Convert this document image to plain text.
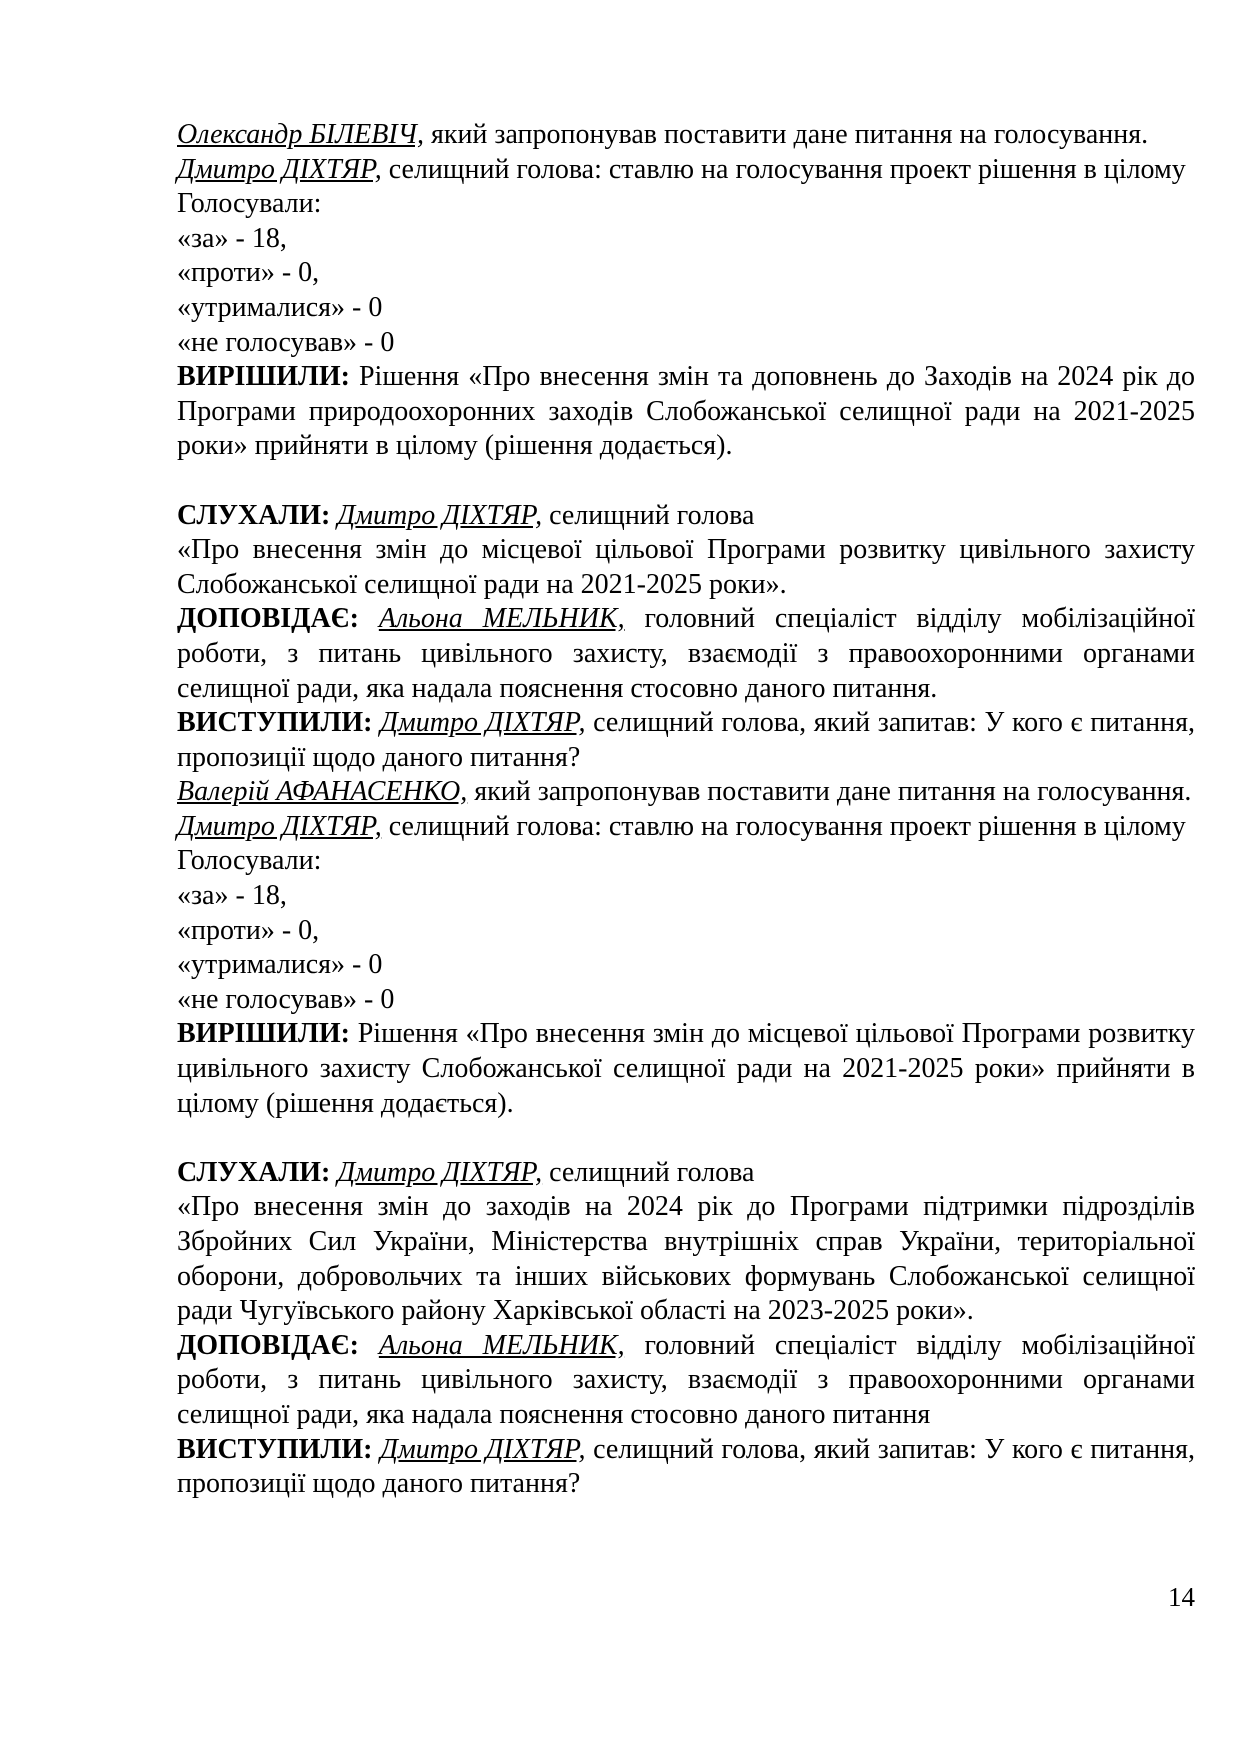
Олександр БІЛЕВІЧ, який запропонував поставити дане питання на голосування.

Дмитро ДІХТЯР, селищний голова: ставлю на голосування проект рішення в цілому

Голосували:

«за» - 18,

«проти» - 0,

«утрималися» - 0

«не голосував» - 0

ВИРІШИЛИ: Рішення «Про внесення змін та доповнень до Заходів на 2024 рік до Програми природоохоронних заходів Слобожанської селищної ради на 2021-2025 роки» прийняти в цілому (рішення додається).

СЛУХАЛИ: Дмитро ДІХТЯР, селищний голова

«Про внесення змін до місцевої цільової Програми розвитку цивільного захисту Слобожанської селищної ради на 2021-2025 роки».

ДОПОВІДАЄ: Альона МЕЛЬНИК, головний спеціаліст відділу мобілізаційної роботи, з питань цивільного захисту, взаємодії з правоохоронними органами селищної ради, яка надала пояснення стосовно даного питання.

ВИСТУПИЛИ: Дмитро ДІХТЯР, селищний голова, який запитав: У кого є питання, пропозиції щодо даного питання?

Валерій АФАНАСЕНКО, який запропонував поставити дане питання на голосування.

Дмитро ДІХТЯР, селищний голова: ставлю на голосування проект рішення в цілому

Голосували:

«за» - 18,

«проти» - 0,

«утрималися» - 0

«не голосував» - 0

ВИРІШИЛИ: Рішення «Про внесення змін до місцевої цільової Програми розвитку цивільного захисту Слобожанської селищної ради на 2021-2025 роки» прийняти в цілому (рішення додається).

СЛУХАЛИ: Дмитро ДІХТЯР, селищний голова

«Про внесення змін до заходів на 2024 рік до Програми підтримки підрозділів Збройних Сил України, Міністерства внутрішніх справ України, територіальної оборони, добровольчих та інших військових формувань Слобожанської селищної ради Чугуївського району Харківської області на 2023-2025 роки».

ДОПОВІДАЄ: Альона МЕЛЬНИК, головний спеціаліст відділу мобілізаційної роботи, з питань цивільного захисту, взаємодії з правоохоронними органами селищної ради, яка надала пояснення стосовно даного питання

ВИСТУПИЛИ: Дмитро ДІХТЯР, селищний голова, який запитав: У кого є питання, пропозиції щодо даного питання?

14
